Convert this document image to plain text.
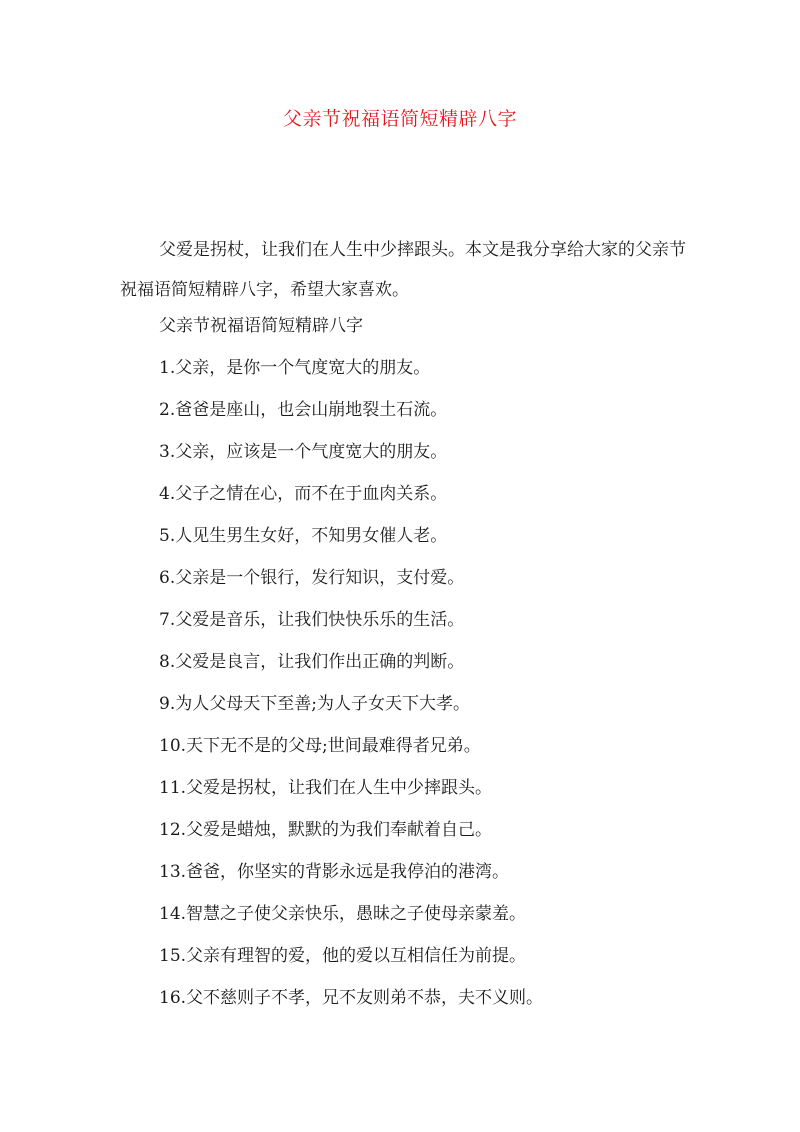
父亲节祝福语简短精辟八字

父爱是拐杖，让我们在人生中少摔跟头。本文是我分享给大家的父亲节祝福语简短精辟八字，希望大家喜欢。

父亲节祝福语简短精辟八字

1.父亲，是你一个气度宽大的朋友。
2.爸爸是座山，也会山崩地裂土石流。
3.父亲，应该是一个气度宽大的朋友。
4.父子之情在心，而不在于血肉关系。
5.人见生男生女好，不知男女催人老。
6.父亲是一个银行，发行知识，支付爱。
7.父爱是音乐，让我们快快乐乐的生活。
8.父爱是良言，让我们作出正确的判断。
9.为人父母天下至善;为人子女天下大孝。
10.天下无不是的父母;世间最难得者兄弟。
11.父爱是拐杖，让我们在人生中少摔跟头。
12.父爱是蜡烛，默默的为我们奉献着自己。
13.爸爸，你坚实的背影永远是我停泊的港湾。
14.智慧之子使父亲快乐，愚昧之子使母亲蒙羞。
15.父亲有理智的爱，他的爱以互相信任为前提。
16.父不慈则子不孝，兄不友则弟不恭，夫不义则。
